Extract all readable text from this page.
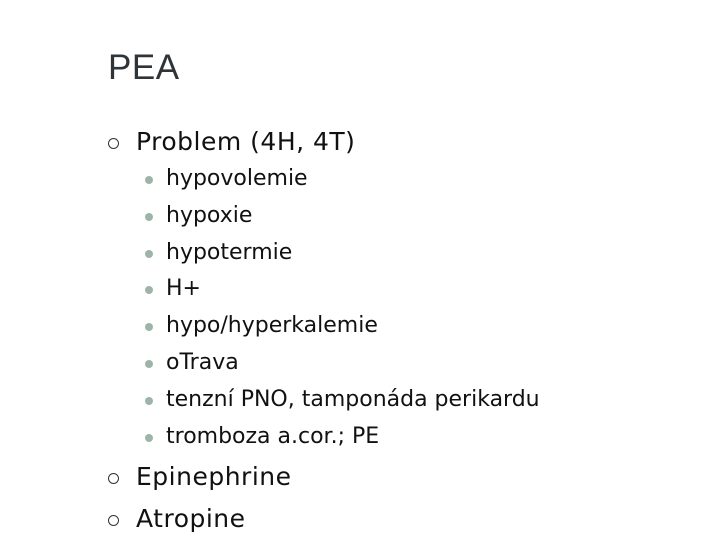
PEA
Problem (4H, 4T)
hypovolemie
hypoxie
hypotermie
H+
hypo/hyperkalemie
oTrava
tenzní PNO, tamponáda perikardu
tromboza a.cor.; PE
Epinephrine
Atropine
